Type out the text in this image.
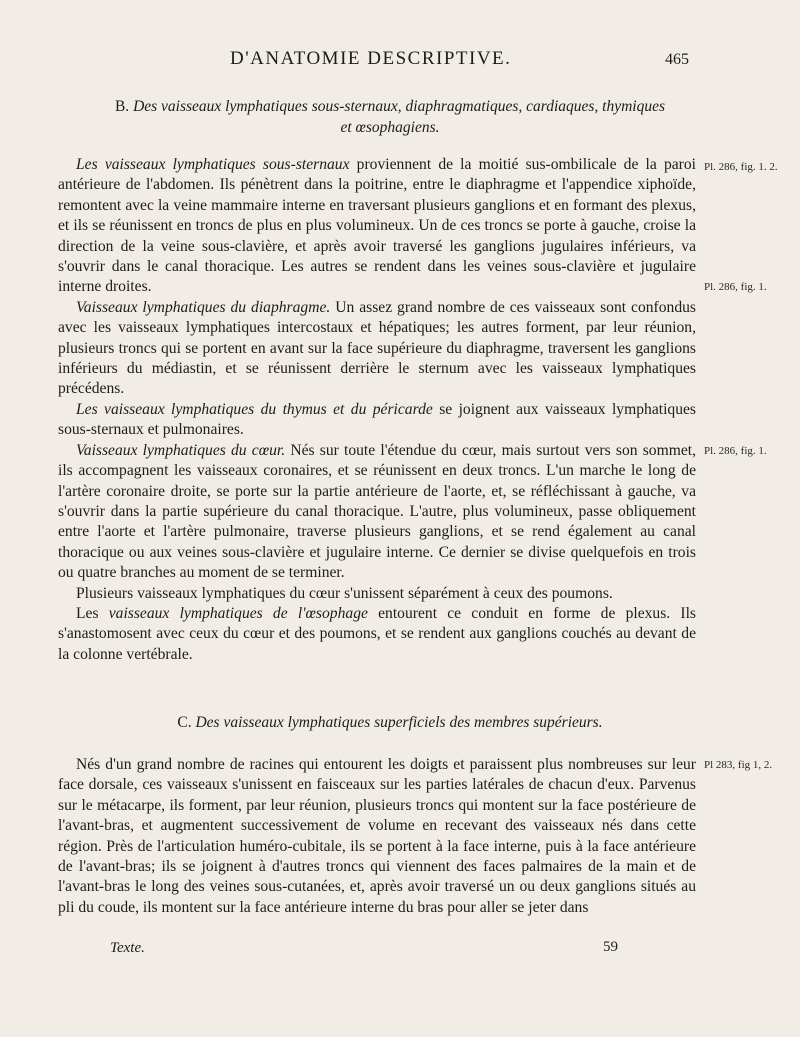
D'ANATOMIE DESCRIPTIVE.	465
B. Des vaisseaux lymphatiques sous-sternaux, diaphragmatiques, cardiaques, thymiques
et œsophagiens.

Les vaisseaux lymphatiques sous-sternaux proviennent de la moitié sus-ombilicale de la paroi antérieure de l'abdomen. Ils pénètrent dans la poitrine, entre le diaphragme et l'appendice xiphoïde, remontent avec la veine mammaire interne en traversant plusieurs ganglions et en formant des plexus, et ils se réunissent en troncs de plus en plus volumineux. Un de ces troncs se porte à gauche, croise la direction de la veine sous-clavière, et après avoir traversé les ganglions jugulaires inférieurs, va s'ouvrir dans le canal thoracique. Les autres se rendent dans les veines sous-clavière et jugulaire interne droites.

Vaisseaux lymphatiques du diaphragme. Un assez grand nombre de ces vaisseaux sont confondus avec les vaisseaux lymphatiques intercostaux et hépatiques; les autres forment, par leur réunion, plusieurs troncs qui se portent en avant sur la face supérieure du diaphragme, traversent les ganglions inférieurs du médiastin, et se réunissent derrière le sternum avec les vaisseaux lymphatiques précédens.

Les vaisseaux lymphatiques du thymus et du péricarde se joignent aux vaisseaux lymphatiques sous-sternaux et pulmonaires.

Vaisseaux lymphatiques du cœur. Nés sur toute l'étendue du cœur, mais surtout vers son sommet, ils accompagnent les vaisseaux coronaires, et se réunissent en deux troncs. L'un marche le long de l'artère coronaire droite, se porte sur la partie antérieure de l'aorte, et, se réfléchissant à gauche, va s'ouvrir dans la partie supérieure du canal thoracique. L'autre, plus volumineux, passe obliquement entre l'aorte et l'artère pulmonaire, traverse plusieurs ganglions, et se rend également au canal thoracique ou aux veines sous-clavière et jugulaire interne. Ce dernier se divise quelquefois en trois ou quatre branches au moment de se terminer.

Plusieurs vaisseaux lymphatiques du cœur s'unissent séparément à ceux des poumons.

Les vaisseaux lymphatiques de l'œsophage entourent ce conduit en forme de plexus. Ils s'anastomosent avec ceux du cœur et des poumons, et se rendent aux ganglions couchés au devant de la colonne vertébrale.

C. Des vaisseaux lymphatiques superficiels des membres supérieurs.

Nés d'un grand nombre de racines qui entourent les doigts et paraissent plus nombreuses sur leur face dorsale, ces vaisseaux s'unissent en faisceaux sur les parties latérales de chacun d'eux. Parvenus sur le métacarpe, ils forment, par leur réunion, plusieurs troncs qui montent sur la face postérieure de l'avant-bras, et augmentent successivement de volume en recevant des vaisseaux nés dans cette région. Près de l'articulation huméro-cubitale, ils se portent à la face interne, puis à la face antérieure de l'avant-bras; ils se joignent à d'autres troncs qui viennent des faces palmaires de la main et de l'avant-bras le long des veines sous-cutanées, et, après avoir traversé un ou deux ganglions situés au pli du coude, ils montent sur la face antérieure interne du bras pour aller se jeter dans

Pl. 286, fig. 1. 2.
Pl. 286, fig. 1.
Pl. 286, fig. 1.
Pl 283, fig 1, 2.
Texte.	59
